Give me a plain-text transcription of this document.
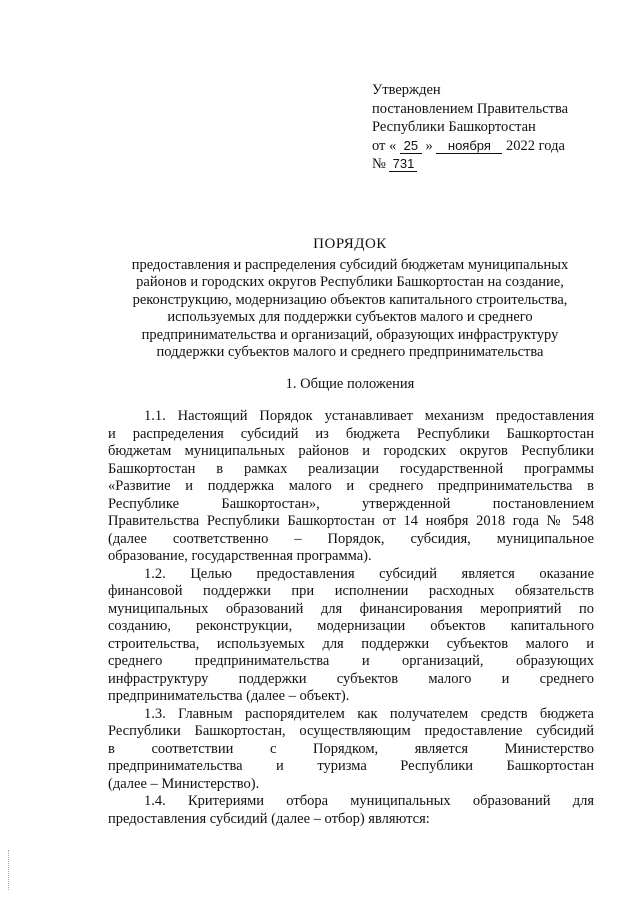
Утвержден
постановлением Правительства
Республики Башкортостан
от « 25 » ноября 2022 года
№ 731
ПОРЯДОК
предоставления и распределения субсидий бюджетам муниципальных
районов и городских округов Республики Башкортостан на создание,
реконструкцию, модернизацию объектов капитального строительства,
используемых для поддержки субъектов малого и среднего
предпринимательства и организаций, образующих инфраструктуру
поддержки субъектов малого и среднего предпринимательства
1. Общие положения
1.1. Настоящий Порядок устанавливает механизм предоставления
и распределения субсидий из бюджета Республики Башкортостан
бюджетам муниципальных районов и городских округов Республики
Башкортостан в рамках реализации государственной программы
«Развитие и поддержка малого и среднего предпринимательства в
Республике Башкортостан», утвержденной постановлением
Правительства Республики Башкортостан от 14 ноября 2018 года № 548
(далее соответственно – Порядок, субсидия, муниципальное
образование, государственная программа).
1.2. Целью предоставления субсидий является оказание
финансовой поддержки при исполнении расходных обязательств
муниципальных образований для финансирования мероприятий по
созданию, реконструкции, модернизации объектов капитального
строительства, используемых для поддержки субъектов малого и
среднего предпринимательства и организаций, образующих
инфраструктуру поддержки субъектов малого и среднего
предпринимательства (далее – объект).
1.3. Главным распорядителем как получателем средств бюджета
Республики Башкортостан, осуществляющим предоставление субсидий
в соответствии с Порядком, является Министерство
предпринимательства и туризма Республики Башкортостан
(далее – Министерство).
1.4. Критериями отбора муниципальных образований для
предоставления субсидий (далее – отбор) являются:
